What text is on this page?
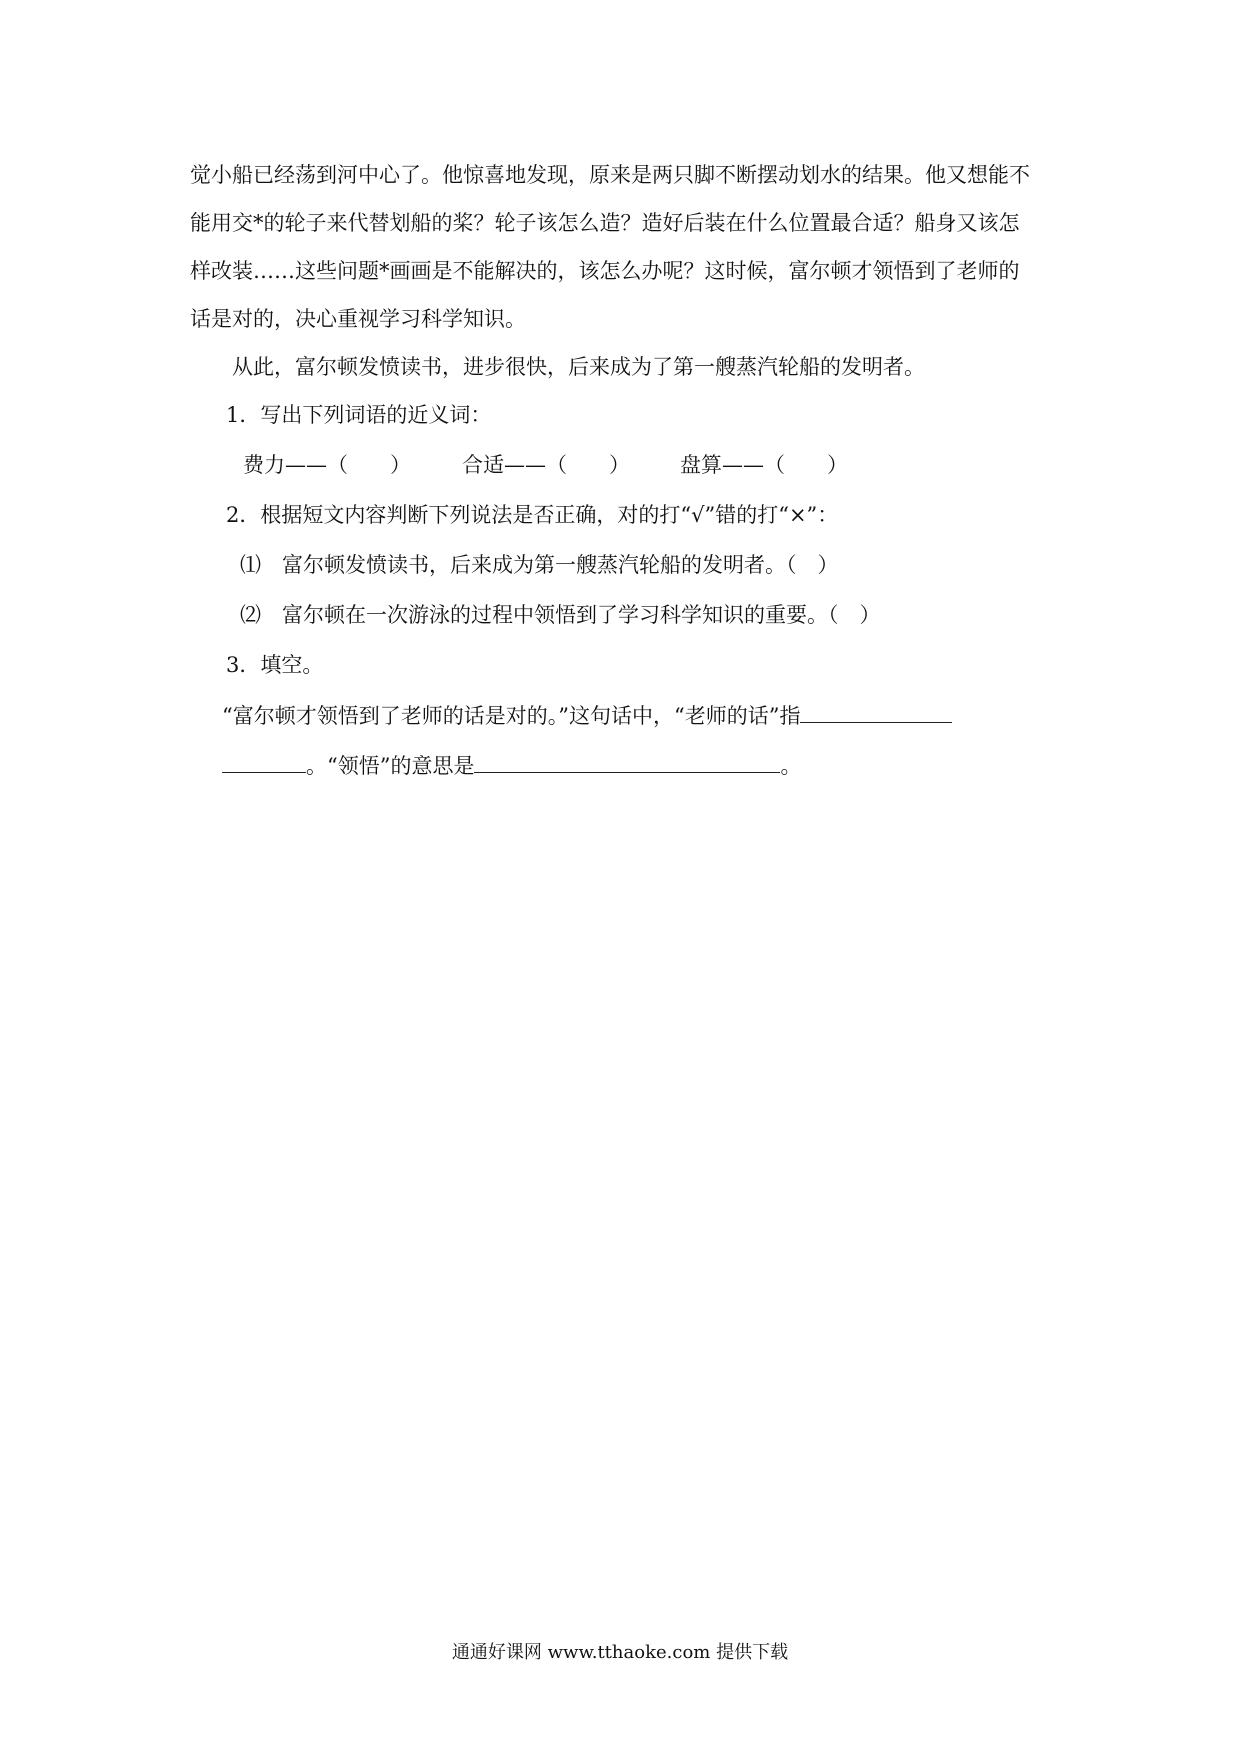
觉小船已经荡到河中心了。他惊喜地发现，原来是两只脚不断摆动划水的结果。他又想能不
能用交*的轮子来代替划船的桨？轮子该怎么造？造好后装在什么位置最合适？船身又该怎
样改装……这些问题*画画是不能解决的，该怎么办呢？这时候，富尔顿才领悟到了老师的
话是对的，决心重视学习科学知识。
从此，富尔顿发愤读书，进步很快，后来成为了第一艘蒸汽轮船的发明者。
1．写出下列词语的近义词：
费力——（　　） 合适——（　　） 盘算——（　　）
2．根据短文内容判断下列说法是否正确，对的打“√”错的打“×”：
⑴　富尔顿发愤读书，后来成为第一艘蒸汽轮船的发明者。（　）
⑵　富尔顿在一次游泳的过程中领悟到了学习科学知识的重要。（　）
3．填空。
“富尔顿才领悟到了老师的话是对的。”这句话中，“老师的话”指
。“领悟”的意思是	。
通通好课网 www.tthaoke.com 提供下载
